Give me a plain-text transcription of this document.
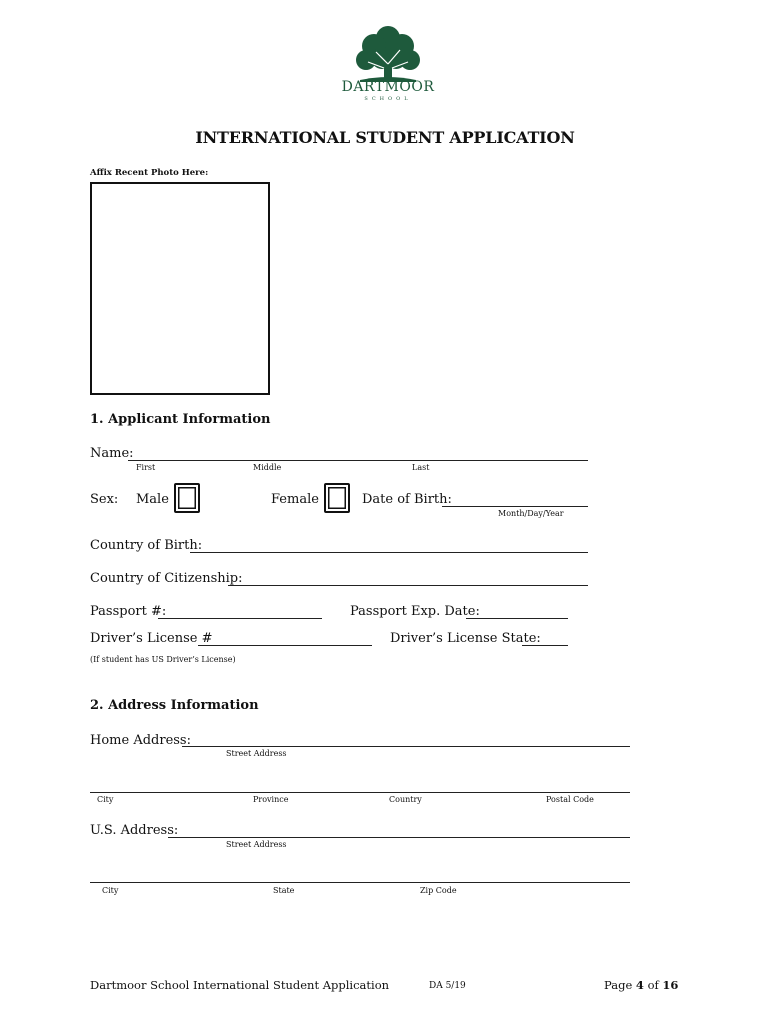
DARTMOOR
SCHOOL
INTERNATIONAL STUDENT APPLICATION
Affix Recent Photo Here:
1. Applicant Information
Name:
First	Middle	Last
Sex: Male	Female	Date of Birth:
Month/Day/Year
Country of Birth:
Country of Citizenship:
Passport #:	Passport Exp. Date:
Driver’s License #	Driver’s License State:
(If student has US Driver’s License)
2. Address Information
Home Address:
Street Address
City	Province	Country	Postal Code
U.S. Address:
Street Address
City	State	Zip Code
Dartmoor School International Student Application	DA 5/19	Page 4 of 16
